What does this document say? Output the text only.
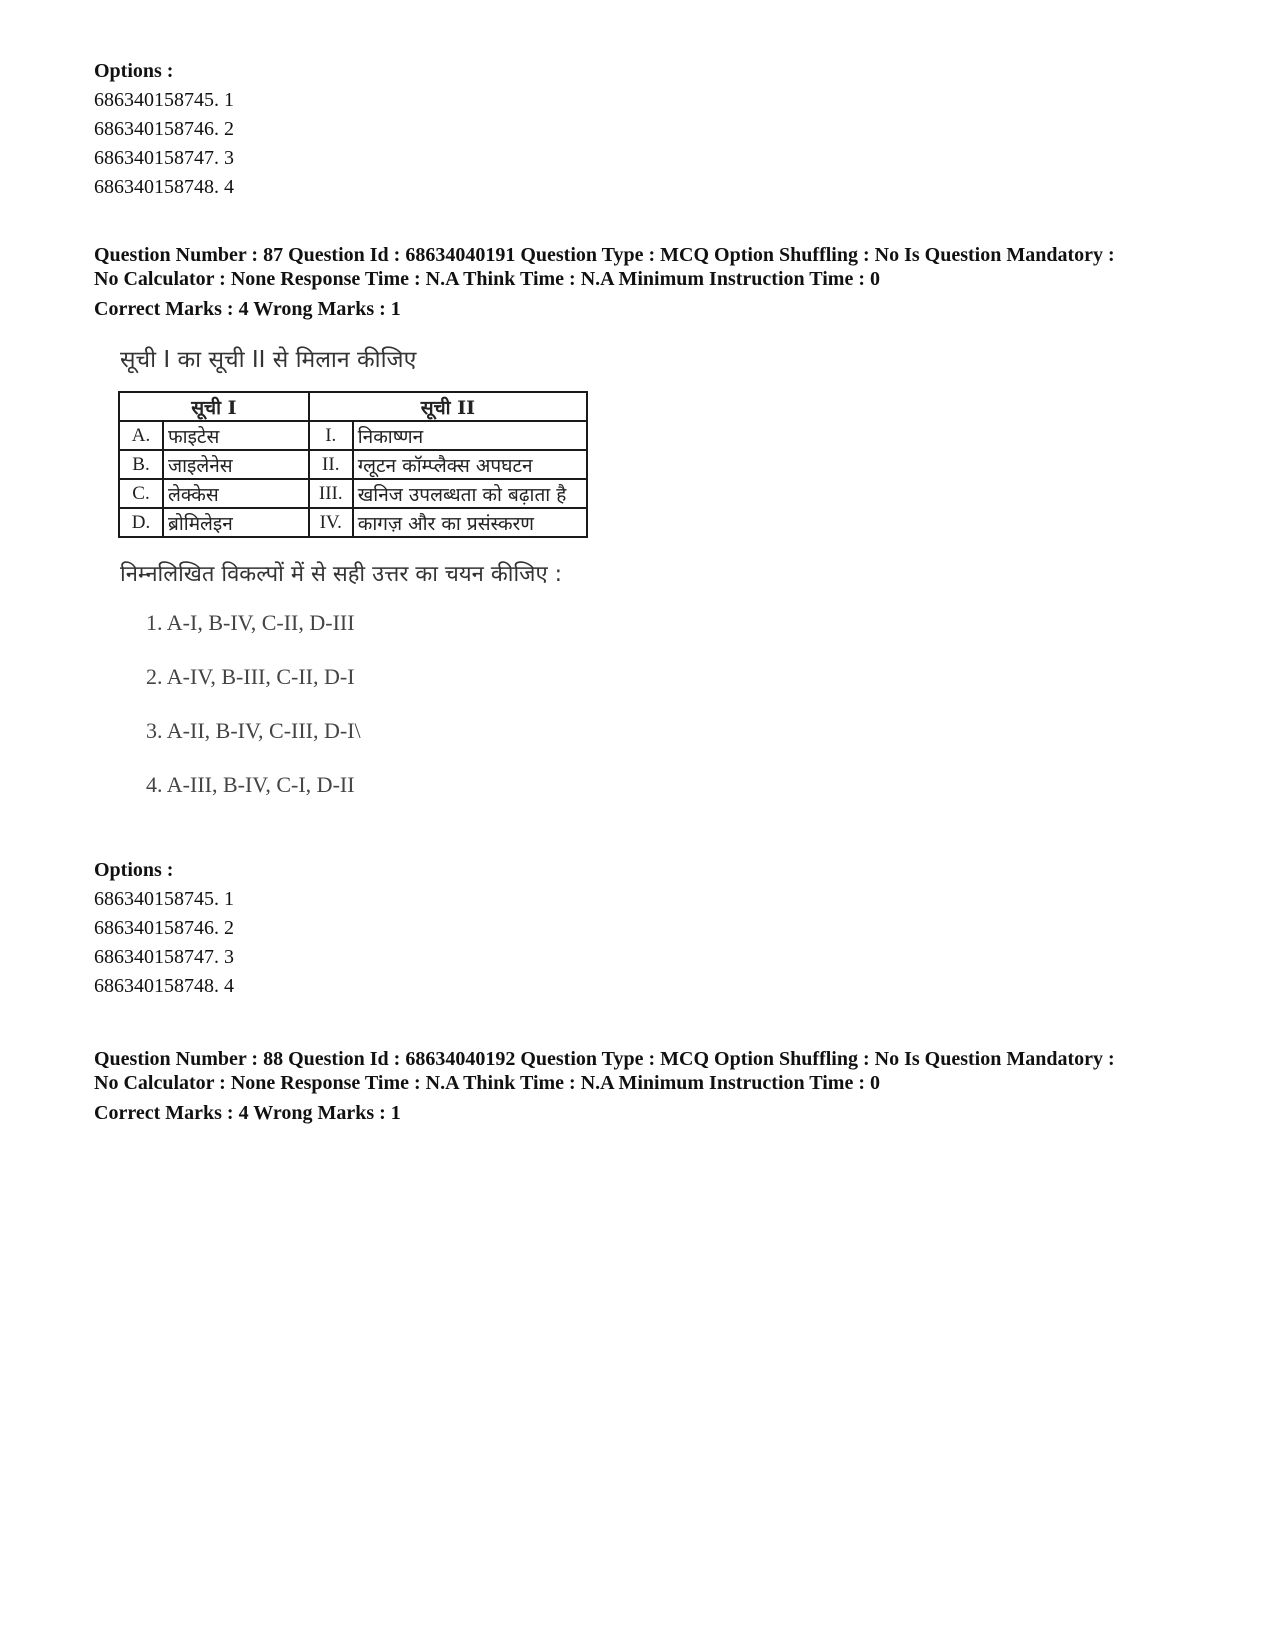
Options :
686340158745. 1
686340158746. 2
686340158747. 3
686340158748. 4
Question Number : 87 Question Id : 68634040191 Question Type : MCQ Option Shuffling : No Is Question Mandatory :
No Calculator : None Response Time : N.A Think Time : N.A Minimum Instruction Time : 0
Correct Marks : 4 Wrong Marks : 1
सूची I का सूची II से मिलान कीजिए
सूची I		सूची II	
A.	फाइटेस	I.	निकाष्णन
B.	जाइलेनेस	II.	ग्लूटन कॉम्प्लैक्स अपघटन
C.	लेक्केस	III.	खनिज उपलब्धता को बढ़ाता है
D.	ब्रोमिलेइन	IV.	कागज़ और का प्रसंस्करण
निम्नलिखित विकल्पों में से सही उत्तर का चयन कीजिए :
1. A-I, B-IV, C-II, D-III
2. A-IV, B-III, C-II, D-I
3. A-II, B-IV, C-III, D-I\
4. A-III, B-IV, C-I, D-II
Options :
686340158745. 1
686340158746. 2
686340158747. 3
686340158748. 4
Question Number : 88 Question Id : 68634040192 Question Type : MCQ Option Shuffling : No Is Question Mandatory :
No Calculator : None Response Time : N.A Think Time : N.A Minimum Instruction Time : 0
Correct Marks : 4 Wrong Marks : 1
